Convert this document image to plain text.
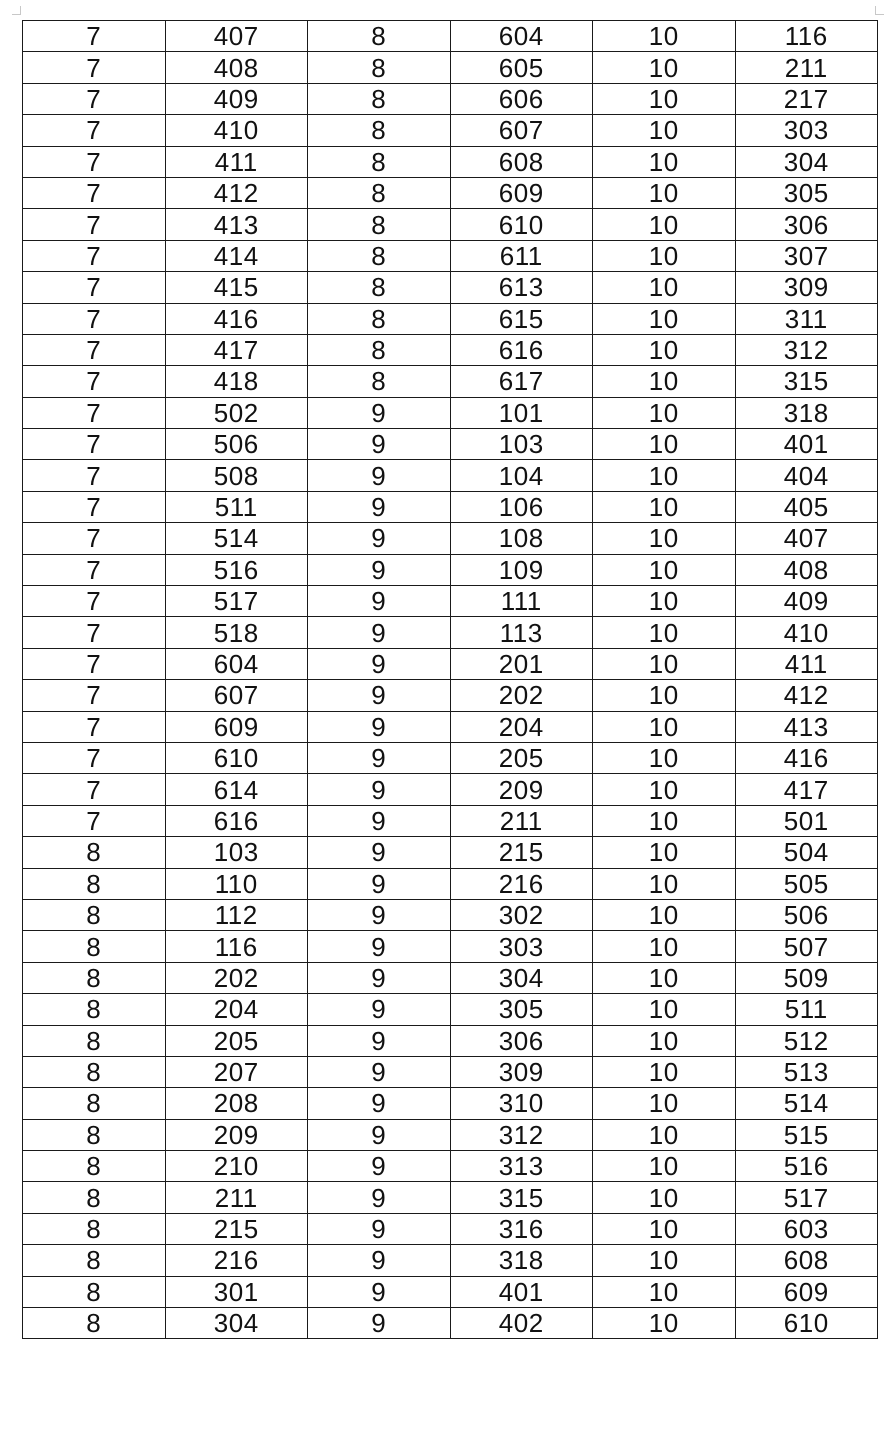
7	407	8	604	10	116
7	408	8	605	10	211
7	409	8	606	10	217
7	410	8	607	10	303
7	411	8	608	10	304
7	412	8	609	10	305
7	413	8	610	10	306
7	414	8	611	10	307
7	415	8	613	10	309
7	416	8	615	10	311
7	417	8	616	10	312
7	418	8	617	10	315
7	502	9	101	10	318
7	506	9	103	10	401
7	508	9	104	10	404
7	511	9	106	10	405
7	514	9	108	10	407
7	516	9	109	10	408
7	517	9	111	10	409
7	518	9	113	10	410
7	604	9	201	10	411
7	607	9	202	10	412
7	609	9	204	10	413
7	610	9	205	10	416
7	614	9	209	10	417
7	616	9	211	10	501
8	103	9	215	10	504
8	110	9	216	10	505
8	112	9	302	10	506
8	116	9	303	10	507
8	202	9	304	10	509
8	204	9	305	10	511
8	205	9	306	10	512
8	207	9	309	10	513
8	208	9	310	10	514
8	209	9	312	10	515
8	210	9	313	10	516
8	211	9	315	10	517
8	215	9	316	10	603
8	216	9	318	10	608
8	301	9	401	10	609
8	304	9	402	10	610
